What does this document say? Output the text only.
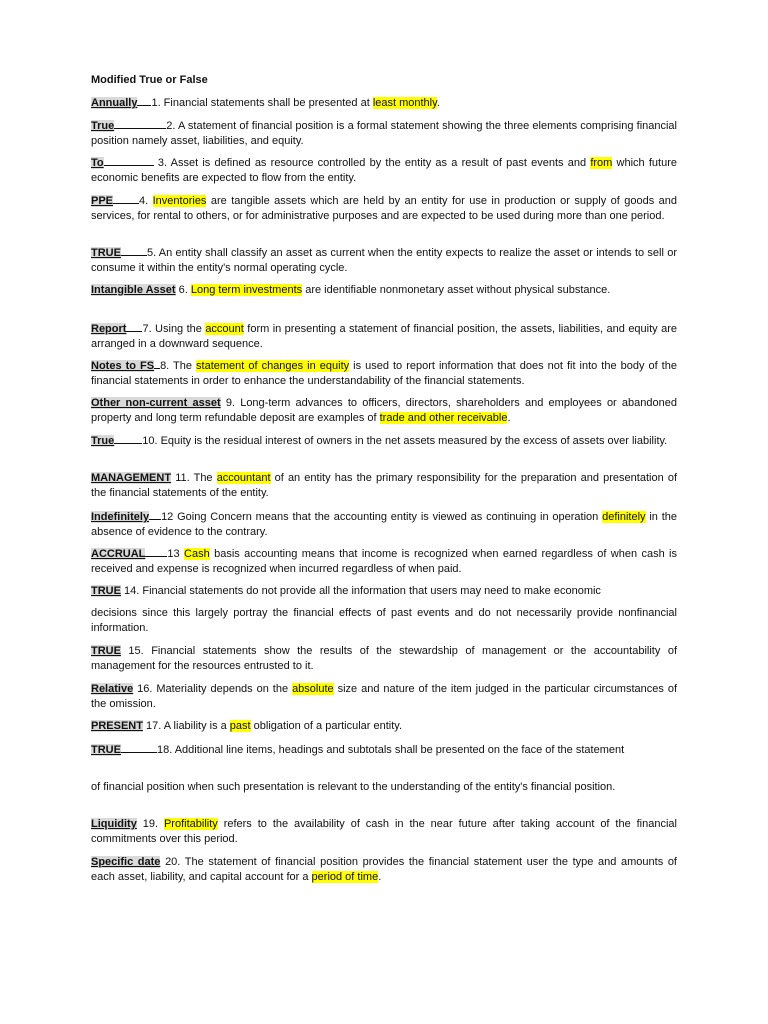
Modified True or False
Annually 1. Financial statements shall be presented at least monthly.
True	2. A statement of financial position is a formal statement showing the three elements comprising financial position namely asset, liabilities, and equity.
To	3. Asset is defined as resource controlled by the entity as a result of past events and from which future economic benefits are expected to flow from the entity.
PPE 4. Inventories are tangible assets which are held by an entity for use in production or supply of goods and services, for rental to others, or for administrative purposes and are expected to be used during more than one period.
TRUE 5. An entity shall classify an asset as current when the entity expects to realize the asset or intends to sell or consume it within the entity's normal operating cycle.
Intangible Asset 6. Long term investments are identifiable nonmonetary asset without physical substance.
Report 7. Using the account form in presenting a statement of financial position, the assets, liabilities, and equity are arranged in a downward sequence.
Notes to FS 8. The statement of changes in equity is used to report information that does not fit into the body of the financial statements in order to enhance the understandability of the financial statements.
Other non-current asset 9. Long-term advances to officers, directors, shareholders and employees or abandoned property and long term refundable deposit are examples of trade and other receivable.
True	10. Equity is the residual interest of owners in the net assets measured by the excess of assets over liability.
MANAGEMENT 11. The accountant of an entity has the primary responsibility for the preparation and presentation of the financial statements of the entity.
Indefinitely 12 Going Concern means that the accounting entity is viewed as continuing in operation definitely in the absence of evidence to the contrary.
ACCRUAL 13 Cash basis accounting means that income is recognized when earned regardless of when cash is received and expense is recognized when incurred regardless of when paid.
TRUE 14. Financial statements do not provide all the information that users may need to make economic
decisions since this largely portray the financial effects of past events and do not necessarily provide nonfinancial information.
TRUE 15. Financial statements show the results of the stewardship of management or the accountability of management for the resources entrusted to it.
Relative 16. Materiality depends on the absolute size and nature of the item judged in the particular circumstances of the omission.
PRESENT 17. A liability is a past obligation of a particular entity.
TRUE	18. Additional line items, headings and subtotals shall be presented on the face of the statement
of financial position when such presentation is relevant to the understanding of the entity's financial position.
Liquidity 19. Profitability refers to the availability of cash in the near future after taking account of the financial commitments over this period.
Specific date 20. The statement of financial position provides the financial statement user the type and amounts of each asset, liability, and capital account for a period of time.
